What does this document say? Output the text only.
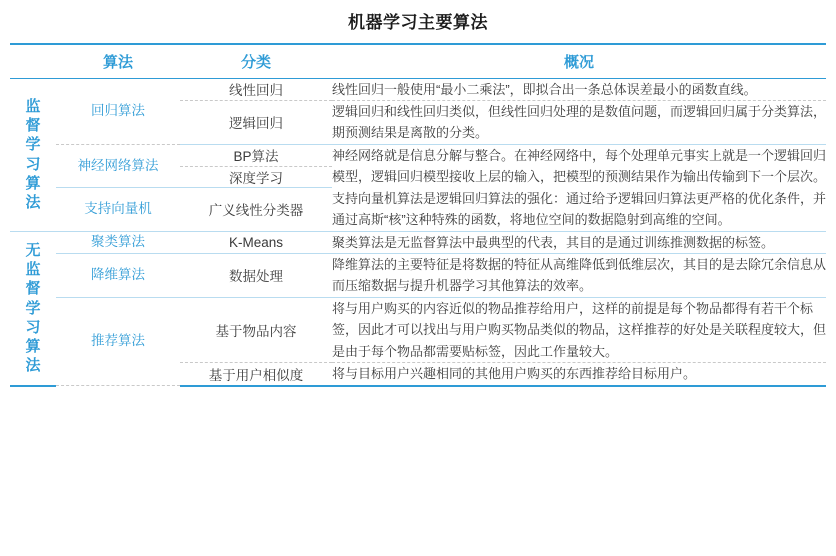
机器学习主要算法
	算法	分类	概况

监督学习算法	回归算法	线性回归	线性回归一般使用“最小二乘法”，即拟合出一条总体误差最小的函数直线。
		逻辑回归	逻辑回归和线性回归类似，但线性回归处理的是数值问题，而逻辑回归属于分类算法，期预测结果是离散的分类。
	神经网络算法	BP算法	神经网络就是信息分解与整合。在神经网络中，每个处理单元事实上就是一个逻辑回归模型，逻辑回归模型接收上层的输入，把模型的预测结果作为输出传输到下一个层次。
		深度学习	
	支持向量机	广义线性分类器	支持向量机算法是逻辑回归算法的强化：通过给予逻辑回归算法更严格的优化条件，并通过高斯“核”这种特殊的函数，将地位空间的数据隐射到高维的空间。

无监督学习算法	聚类算法	K-Means	聚类算法是无监督算法中最典型的代表，其目的是通过训练推测数据的标签。
	降维算法	数据处理	降维算法的主要特征是将数据的特征从高维降低到低维层次，其目的是去除冗余信息从而压缩数据与提升机器学习其他算法的效率。
	推荐算法	基于物品内容	将与用户购买的内容近似的物品推荐给用户，这样的前提是每个物品都得有若干个标签，因此才可以找出与用户购买物品类似的物品，这样推荐的好处是关联程度较大，但是由于每个物品都需要贴标签，因此工作量较大。
		基于用户相似度	将与目标用户兴趣相同的其他用户购买的东西推荐给目标用户。
